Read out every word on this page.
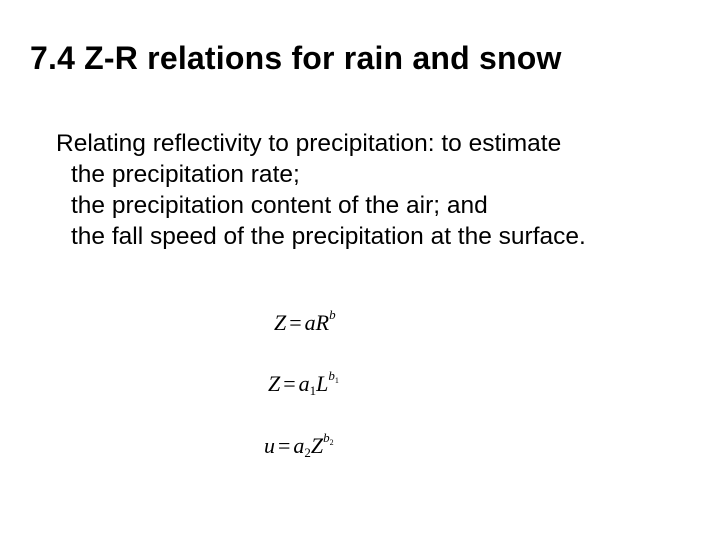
7.4 Z-R relations for rain and snow
Relating reflectivity to precipitation: to estimate
the precipitation rate;
the precipitation content of the air; and
the fall speed of the precipitation at the surface.
$Z = aR^b$
$Z = a_1L^{b_1}$
$u = a_2Z^{b_2}$
